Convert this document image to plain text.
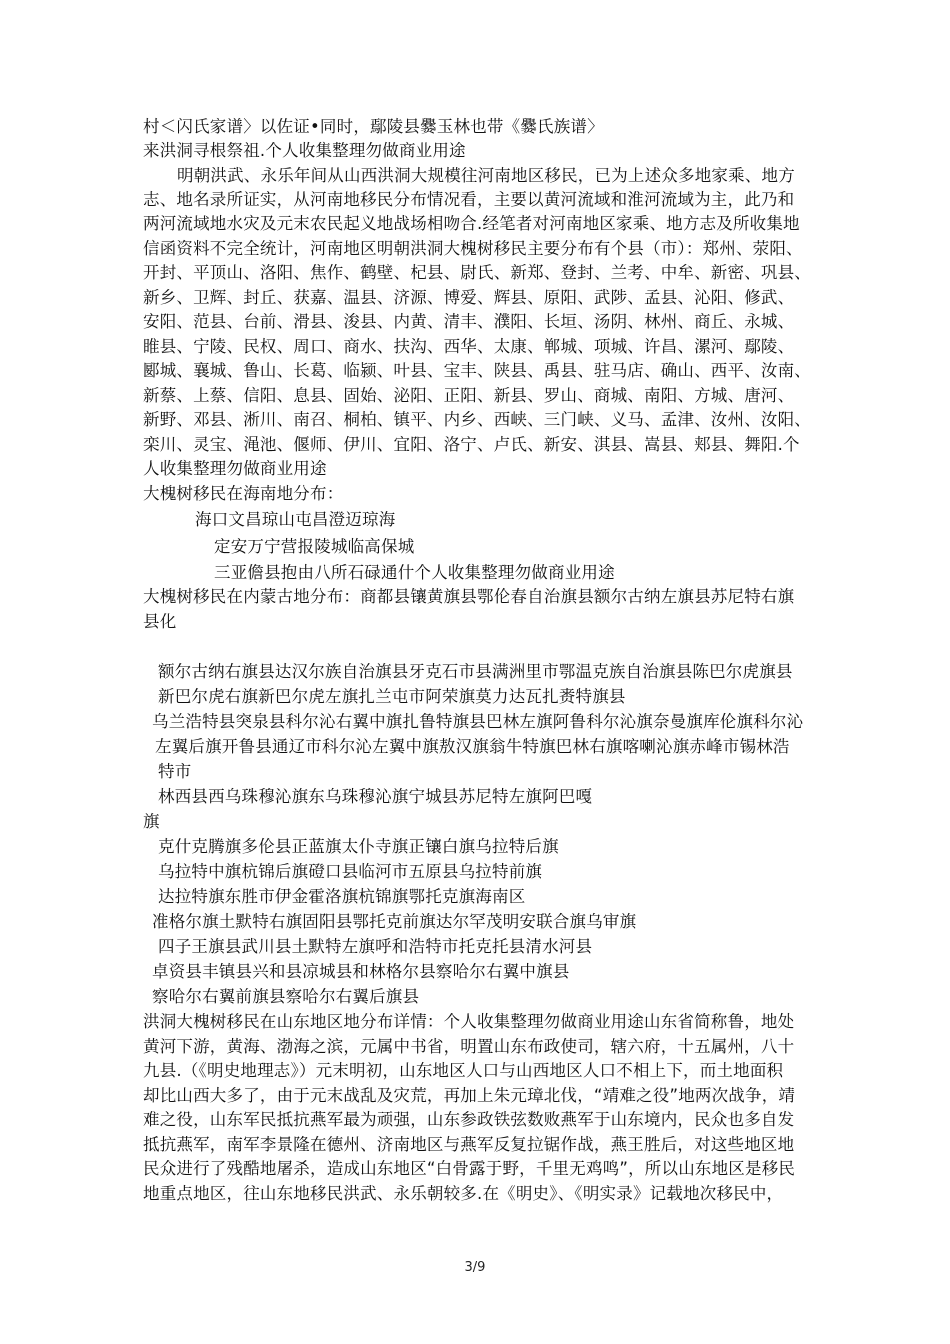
村＜闪氏家谱〉以佐证•同时，鄢陵县爨玉林也带《爨氏族谱〉
来洪洞寻根祭祖.个人收集整理勿做商业用途
明朝洪武、永乐年间从山西洪洞大规模往河南地区移民，已为上述众多地家乘、地方
志、地名录所证实，从河南地移民分布情况看，主要以黄河流域和淮河流域为主，此乃和
两河流域地水灾及元末农民起义地战场相吻合.经笔者对河南地区家乘、地方志及所收集地
信函资料不完全统计，河南地区明朝洪洞大槐树移民主要分布有个县（市）：郑州、荥阳、
开封、平顶山、洛阳、焦作、鹤壁、杞县、尉氏、新郑、登封、兰考、中牟、新密、巩县、
新乡、卫辉、封丘、获嘉、温县、济源、博爱、辉县、原阳、武陟、孟县、沁阳、修武、
安阳、范县、台前、滑县、浚县、内黄、清丰、濮阳、长垣、汤阴、林州、商丘、永城、
睢县、宁陵、民权、周口、商水、扶沟、西华、太康、郸城、项城、许昌、漯河、鄢陵、
郾城、襄城、鲁山、长葛、临颍、叶县、宝丰、陕县、禹县、驻马店、确山、西平、汝南、
新蔡、上蔡、信阳、息县、固始、泌阳、正阳、新县、罗山、商城、南阳、方城、唐河、
新野、邓县、淅川、南召、桐柏、镇平、内乡、西峡、三门峡、义马、孟津、汝州、汝阳、
栾川、灵宝、渑池、偃师、伊川、宜阳、洛宁、卢氏、新安、淇县、嵩县、郏县、舞阳.个
人收集整理勿做商业用途
大槐树移民在海南地分布：
海口文昌琼山屯昌澄迈琼海
定安万宁营报陵城临高保城
三亚儋县抱由八所石碌通什个人收集整理勿做商业用途
大槐树移民在内蒙古地分布：商都县镶黄旗县鄂伦春自治旗县额尔古纳左旗县苏尼特右旗
县化
额尔古纳右旗县达汉尔族自治旗县牙克石市县满洲里市鄂温克族自治旗县陈巴尔虎旗县
新巴尔虎右旗新巴尔虎左旗扎兰屯市阿荣旗莫力达瓦扎赉特旗县
乌兰浩特县突泉县科尔沁右翼中旗扎鲁特旗县巴林左旗阿鲁科尔沁旗奈曼旗库伦旗科尔沁
左翼后旗开鲁县通辽市科尔沁左翼中旗敖汉旗翁牛特旗巴林右旗喀喇沁旗赤峰市锡林浩
特市
林西县西乌珠穆沁旗东乌珠穆沁旗宁城县苏尼特左旗阿巴嘎
旗
克什克腾旗多伦县正蓝旗太仆寺旗正镶白旗乌拉特后旗
乌拉特中旗杭锦后旗磴口县临河市五原县乌拉特前旗
达拉特旗东胜市伊金霍洛旗杭锦旗鄂托克旗海南区
准格尔旗土默特右旗固阳县鄂托克前旗达尔罕茂明安联合旗乌审旗
四子王旗县武川县土默特左旗呼和浩特市托克托县清水河县
卓资县丰镇县兴和县凉城县和林格尔县察哈尔右翼中旗县
察哈尔右翼前旗县察哈尔右翼后旗县
洪洞大槐树移民在山东地区地分布详情：个人收集整理勿做商业用途山东省简称鲁，地处
黄河下游，黄海、渤海之滨，元属中书省，明置山东布政使司，辖六府，十五属州，八十
九县.（《明史地理志》）元末明初，山东地区人口与山西地区人口不相上下，而土地面积
却比山西大多了，由于元末战乱及灾荒，再加上朱元璋北伐，“靖难之役”地两次战争，靖
难之役，山东军民抵抗燕军最为顽强，山东参政铁弦数败燕军于山东境内，民众也多自发
抵抗燕军，南军李景隆在德州、济南地区与燕军反复拉锯作战，燕王胜后，对这些地区地
民众进行了残酷地屠杀，造成山东地区“白骨露于野，千里无鸡鸣”，所以山东地区是移民
地重点地区，往山东地移民洪武、永乐朝较多.在《明史》、《明实录》记载地次移民中，
3/9
